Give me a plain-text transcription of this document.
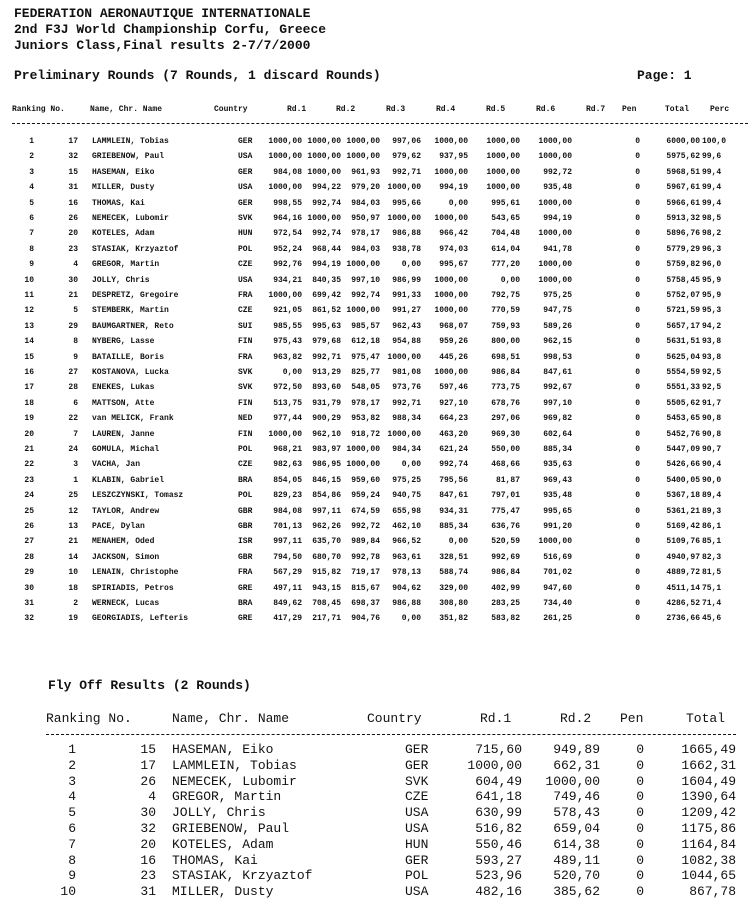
FEDERATION AERONAUTIQUE INTERNATIONALE
2nd F3J World Championship Corfu, Greece
Juniors Class,Final results 2-7/7/2000
Preliminary Rounds (7 Rounds, 1 discard Rounds)	Page: 1
Ranking No.	Name, Chr. Name	Country	Rd.1	Rd.2	Rd.3	Rd.4	Rd.5	Rd.6	Rd.7	Pen	Total	Perc
1	17 LAMMLEIN, Tobias	GER	1000,00 1000,00 1000,00	997,06	1000,00	1000,00	1000,00	0	6000,00 100,0
2	32 GRIEBENOW, Paul	USA	1000,00 1000,00 1000,00	979,62	937,95	1000,00	1000,00	0	5975,62 99,6
3	15 HASEMAN, Eiko	GER	984,08 1000,00	961,93	992,71	1000,00	1000,00	992,72	0	5968,51 99,4
4	31 MILLER, Dusty	USA	1000,00	994,22	979,20 1000,00	994,19	1000,00	935,48	0	5967,61 99,4
5	16 THOMAS, Kai	GER	998,55	992,74	984,03	995,66	0,00	995,61	1000,00	0	5966,61 99,4
6	26 NEMECEK, Lubomir	SVK	964,16 1000,00	950,97 1000,00	1000,00	543,65	994,19	0	5913,32 98,5
7	20 KOTELES, Adam	HUN	972,54	992,74	978,17	986,88	966,42	704,48	1000,00	0	5896,76 98,2
8	23 STASIAK, Krzyaztof	POL	952,24	968,44	984,03	938,78	974,03	614,04	941,78	0	5779,29 96,3
9	4 GREGOR, Martin	CZE	992,76	994,19 1000,00	0,00	995,67	777,20	1000,00	0	5759,82 96,0
10	30 JOLLY, Chris	USA	934,21	840,35	997,10	986,99	1000,00	0,00	1000,00	0	5758,45 95,9
11	21 DESPRETZ, Gregoire	FRA	1000,00	699,42	992,74	991,33	1000,00	792,75	975,25	0	5752,07 95,9
12	5 STEMBERK, Martin	CZE	921,05	861,52 1000,00	991,27	1000,00	770,59	947,75	0	5721,59 95,3
13	29 BAUMGARTNER, Reto	SUI	985,55	995,63	985,57	962,43	968,07	759,93	589,26	0	5657,17 94,2
14	8 NYBERG, Lasse	FIN	975,43	979,68	612,18	954,88	959,26	800,00	962,15	0	5631,51 93,8
15	9 BATAILLE, Boris	FRA	963,82	992,71	975,47 1000,00	445,26	698,51	998,53	0	5625,04 93,8
16	27 KOSTANOVA, Lucka	SVK	0,00	913,29	825,77	981,08	1000,00	986,84	847,61	0	5554,59 92,5
17	28 ENEKES, Lukas	SVK	972,50	893,60	548,05	973,76	597,46	773,75	992,67	0	5551,33 92,5
18	6 MATTSON, Atte	FIN	513,75	931,79	978,17	992,71	927,10	678,76	997,10	0	5505,62 91,7
19	22 van MELICK, Frank	NED	977,44	900,29	953,82	988,34	664,23	297,06	969,82	0	5453,65 90,8
20	7 LAUREN, Janne	FIN	1000,00	962,10	918,72 1000,00	463,20	969,30	602,64	0	5452,76 90,8
21	24 GOMULA, Michal	POL	968,21	983,97 1000,00	984,34	621,24	550,00	885,34	0	5447,09 90,7
22	3 VACHA, Jan	CZE	982,63	986,95 1000,00	0,00	992,74	468,66	935,63	0	5426,66 90,4
23	1 KLABIN, Gabriel	BRA	854,05	846,15	959,60	975,25	795,56	81,87	969,43	0	5400,05 90,0
24	25 LESZCZYNSKI, Tomasz	POL	829,23	854,86	959,24	940,75	847,61	797,01	935,48	0	5367,18 89,4
25	12 TAYLOR, Andrew	GBR	984,08	997,11	674,59	655,98	934,31	775,47	995,65	0	5361,21 89,3
26	13 PACE, Dylan	GBR	701,13	962,26	992,72	462,10	885,34	636,76	991,20	0	5169,42 86,1
27	21 MENAHEM, Oded	ISR	997,11	635,70	989,84	966,52	0,00	520,59	1000,00	0	5109,76 85,1
28	14 JACKSON, Simon	GBR	794,50	680,70	992,78	963,61	328,51	992,69	516,69	0	4940,97 82,3
29	10 LENAIN, Christophe	FRA	567,29	915,82	719,17	978,13	588,74	986,84	701,02	0	4889,72 81,5
30	18 SPIRIADIS, Petros	GRE	497,11	943,15	815,67	904,62	329,00	402,99	947,60	0	4511,14 75,1
31	2 WERNECK, Lucas	BRA	849,62	708,45	698,37	986,88	308,80	283,25	734,40	0	4286,52 71,4
32	19 GEORGIADIS, Lefteris	GRE	417,29	217,71	904,76	0,00	351,82	583,82	261,25	0	2736,66 45,6
Fly Off Results (2 Rounds)
Ranking No.	Name, Chr. Name	Country	Rd.1	Rd.2	Pen	Total
1	15 HASEMAN, Eiko	GER	715,60	949,89	0	1665,49
2	17 LAMMLEIN, Tobias	GER	1000,00	662,31	0	1662,31
3	26 NEMECEK, Lubomir	SVK	604,49	1000,00	0	1604,49
4	4 GREGOR, Martin	CZE	641,18	749,46	0	1390,64
5	30 JOLLY, Chris	USA	630,99	578,43	0	1209,42
6	32 GRIEBENOW, Paul	USA	516,82	659,04	0	1175,86
7	20 KOTELES, Adam	HUN	550,46	614,38	0	1164,84
8	16 THOMAS, Kai	GER	593,27	489,11	0	1082,38
9	23 STASIAK, Krzyaztof	POL	523,96	520,70	0	1044,65
10	31 MILLER, Dusty	USA	482,16	385,62	0	867,78
